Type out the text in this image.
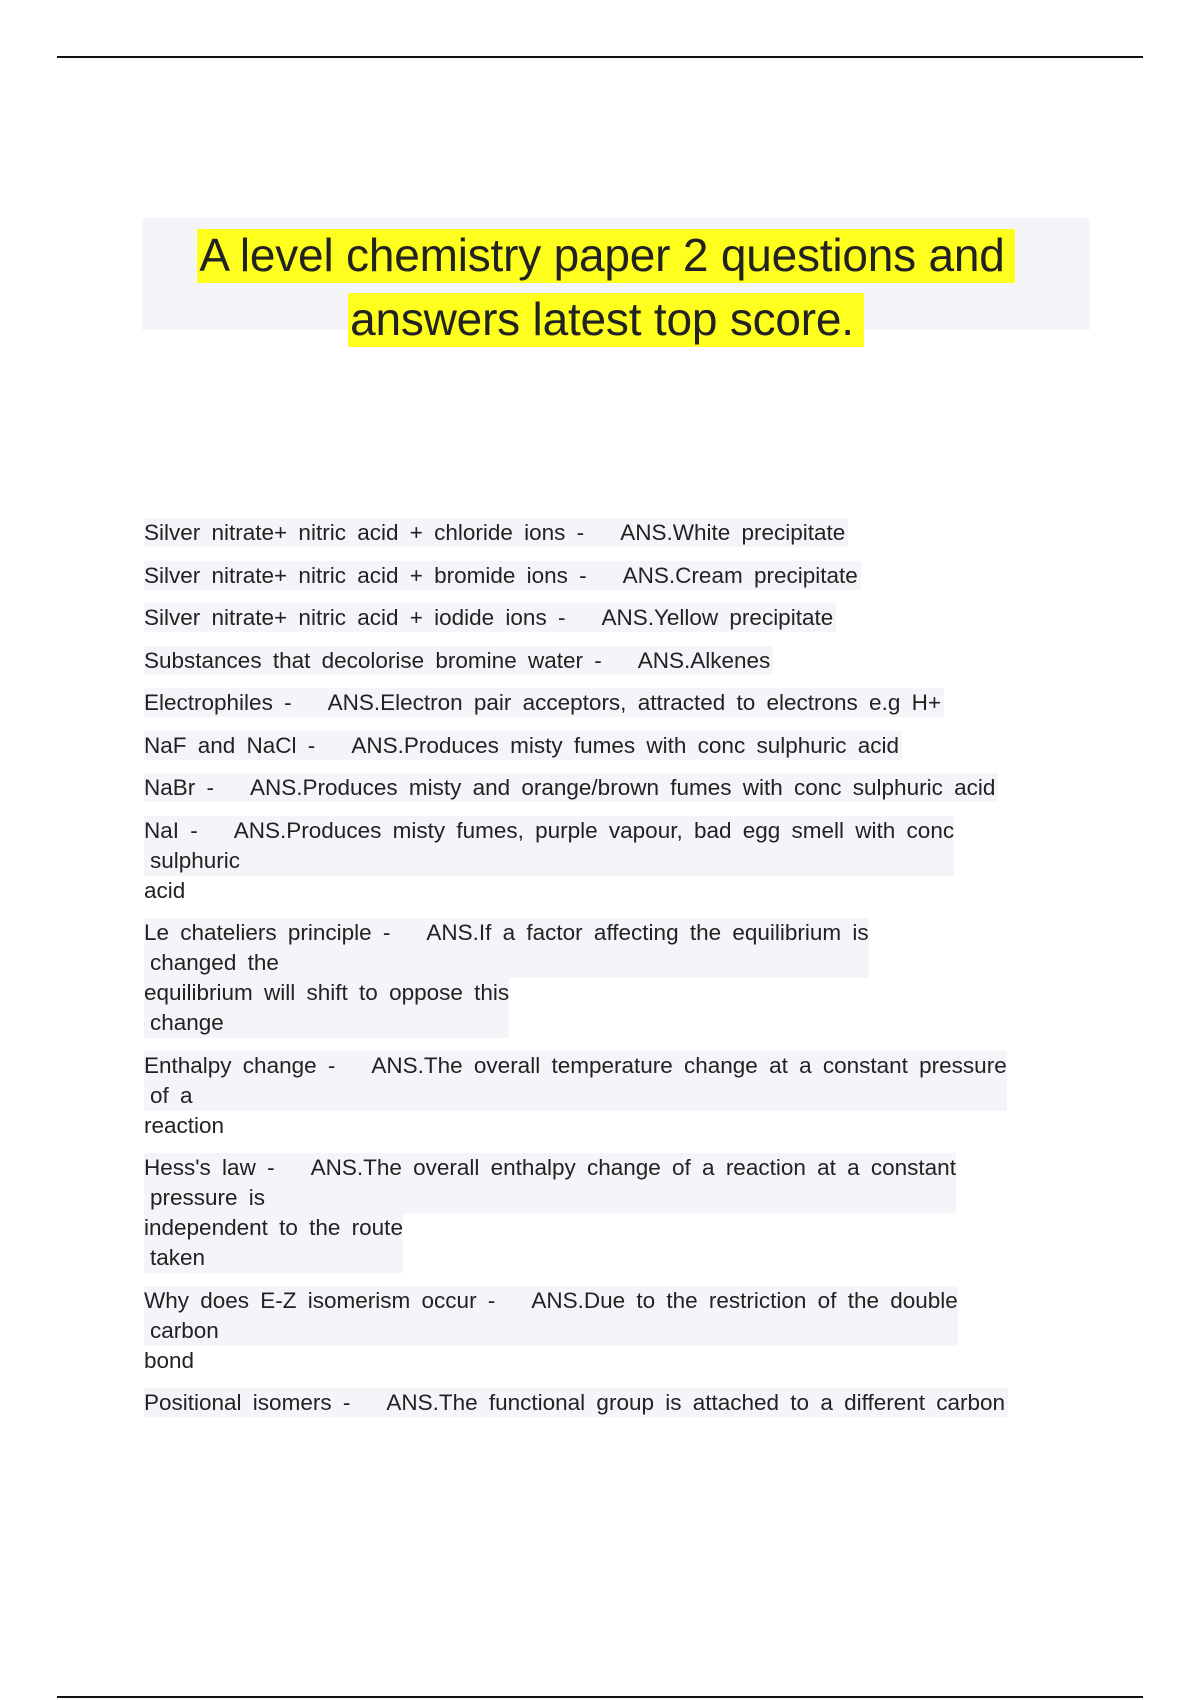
A level chemistry paper 2 questions and
answers latest top score.
Silver nitrate+ nitric acid + chloride ions - ANS.White precipitate
Silver nitrate+ nitric acid + bromide ions - ANS.Cream precipitate
Silver nitrate+ nitric acid + iodide ions - ANS.Yellow precipitate
Substances that decolorise bromine water - ANS.Alkenes
Electrophiles - ANS.Electron pair acceptors, attracted to electrons e.g H+
NaF and NaCl - ANS.Produces misty fumes with conc sulphuric acid
NaBr - ANS.Produces misty and orange/brown fumes with conc sulphuric acid
NaI - ANS.Produces misty fumes, purple vapour, bad egg smell with conc
sulphuric
acid
Le chateliers principle - ANS.If a factor affecting the equilibrium is
changed the

equilibrium will shift to oppose this
change
Enthalpy change - ANS.The overall temperature change at a constant pressure
of a
reaction
Hess's law - ANS.The overall enthalpy change of a reaction at a constant
pressure is

independent to the route
taken
Why does E-Z isomerism occur - ANS.Due to the restriction of the double
carbon
bond
Positional isomers - ANS.The functional group is attached to a different carbon
